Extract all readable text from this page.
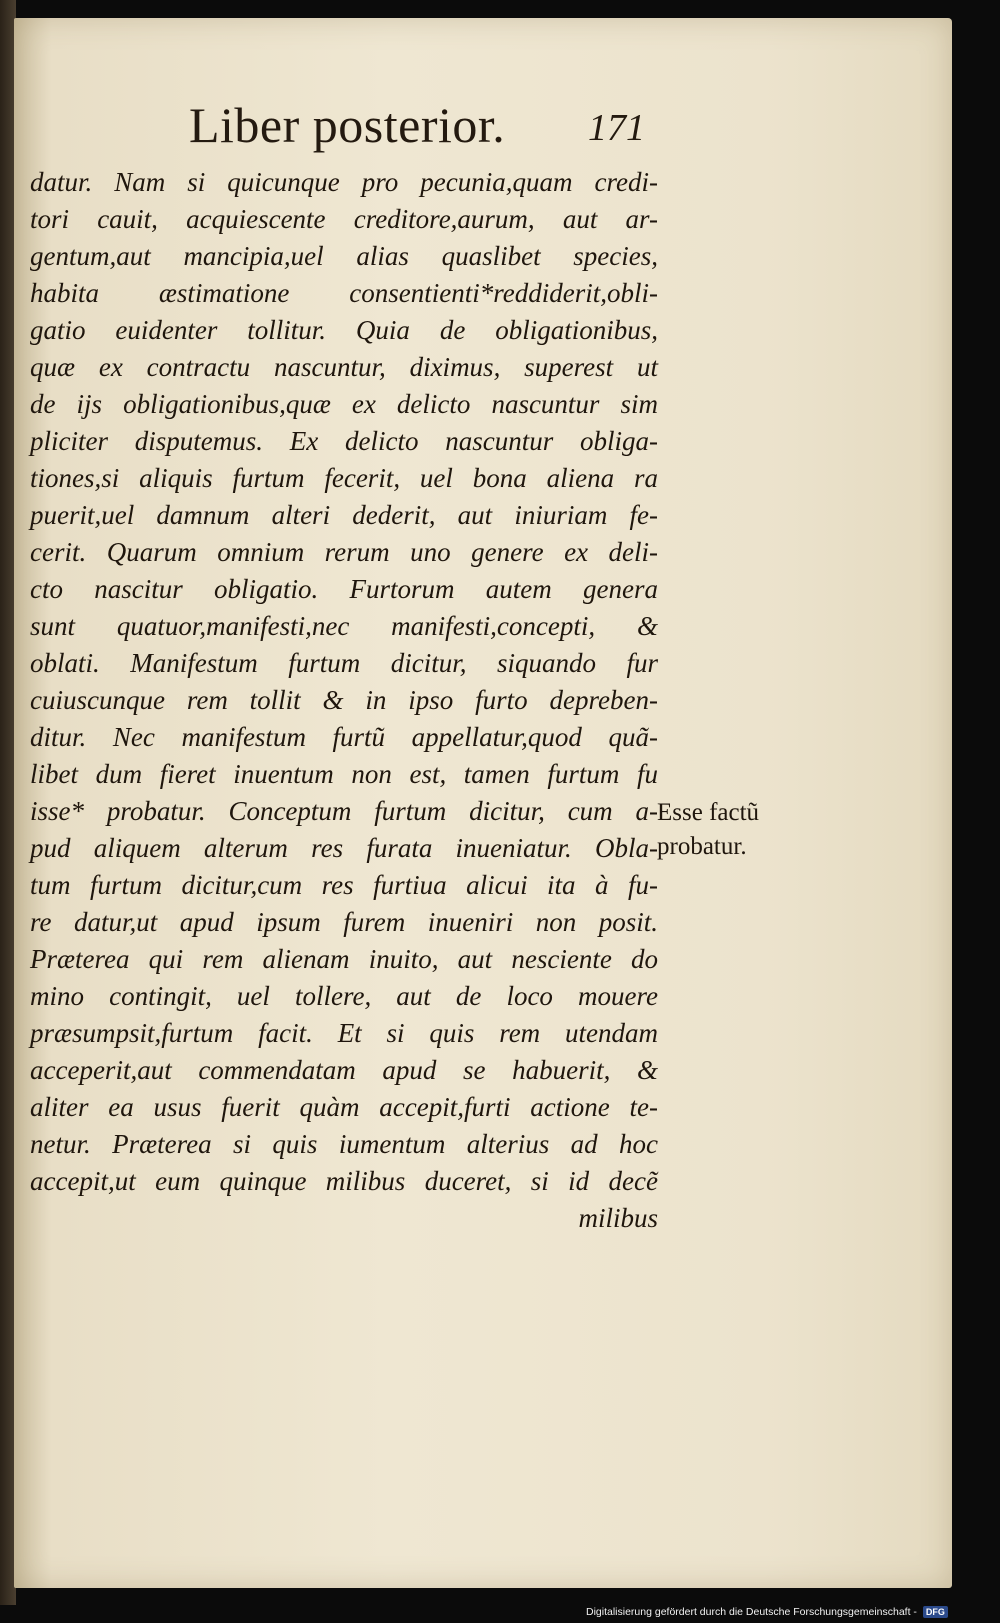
Liber posterior. 171
datur. Nam si quicunque pro pecunia,quam credi-
tori cauit, acquiescente creditore,aurum, aut ar-
gentum,aut mancipia,uel alias quaslibet species,
habita æstimatione consentienti*reddiderit,obli-
gatio euidenter tollitur. Quia de obligationibus,
quæ ex contractu nascuntur, diximus, superest ut
de ijs obligationibus,quæ ex delicto nascuntur sim
pliciter disputemus. Ex delicto nascuntur obliga-
tiones,si aliquis furtum fecerit, uel bona aliena ra
puerit,uel damnum alteri dederit, aut iniuriam fe-
cerit. Quarum omnium rerum uno genere ex deli-
cto nascitur obligatio. Furtorum autem genera
sunt quatuor,manifesti,nec manifesti,concepti, &
oblati. Manifestum furtum dicitur, siquando fur
cuiuscunque rem tollit & in ipso furto depreben-
ditur. Nec manifestum furtũ appellatur,quod quã-
libet dum fieret inuentum non est, tamen furtum fu
isse* probatur. Conceptum furtum dicitur, cum a-
pud aliquem alterum res furata inueniatur. Obla-
tum furtum dicitur,cum res furtiua alicui ita à fu-
re datur,ut apud ipsum furem inueniri non posit.
Præterea qui rem alienam inuito, aut nesciente do
mino contingit, uel tollere, aut de loco mouere
præsumpsit,furtum facit. Et si quis rem utendam
acceperit,aut commendatam apud se habuerit, &
aliter ea usus fuerit quàm accepit,furti actione te-
netur. Præterea si quis iumentum alterius ad hoc
accepit,ut eum quinque milibus duceret, si id decẽ
milibus
Esse factũ
probatur.
Digitalisierung gefördert durch die Deutsche Forschungsgemeinschaft - DFG
